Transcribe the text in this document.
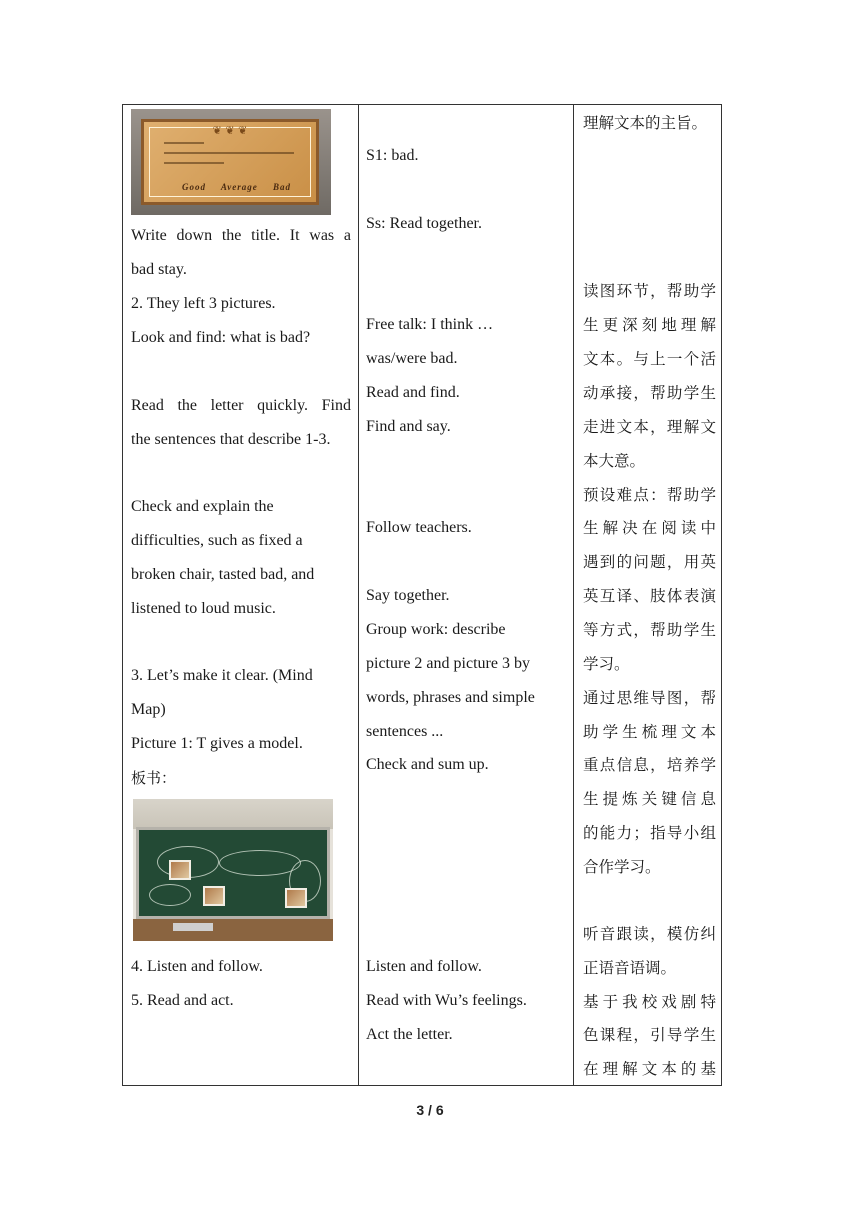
❦ ❦ ❦
Good Average Bad
Write down the title. It was a
bad stay.
2. They left 3 pictures.
Look and find: what is bad?
Read the letter quickly. Find
the sentences that describe 1-3.
Check and explain the
difficulties, such as fixed a
broken chair, tasted bad, and
listened to loud music.
3. Let’s make it clear. (Mind
Map)
Picture 1: T gives a model.
板书：
4. Listen and follow.
5. Read and act.
S1: bad.
Ss: Read together.
Free talk: I think …
was/were bad.
Read and find.
Find and say.
Follow teachers.
Say together.
Group work: describe
picture 2 and picture 3 by
words, phrases and simple
sentences ...
Check and sum up.
Listen and follow.
Read with Wu’s feelings.
Act the letter.
理解文本的主旨。
读图环节，帮助学
生更深刻地理解
文本。与上一个活
动承接，帮助学生
走进文本，理解文
本大意。
预设难点：帮助学
生解决在阅读中
遇到的问题，用英
英互译、肢体表演
等方式，帮助学生
学习。
通过思维导图，帮
助学生梳理文本
重点信息，培养学
生提炼关键信息
的能力；指导小组
合作学习。
听音跟读，模仿纠
正语音语调。
基于我校戏剧特
色课程，引导学生
在理解文本的基
3 / 6
